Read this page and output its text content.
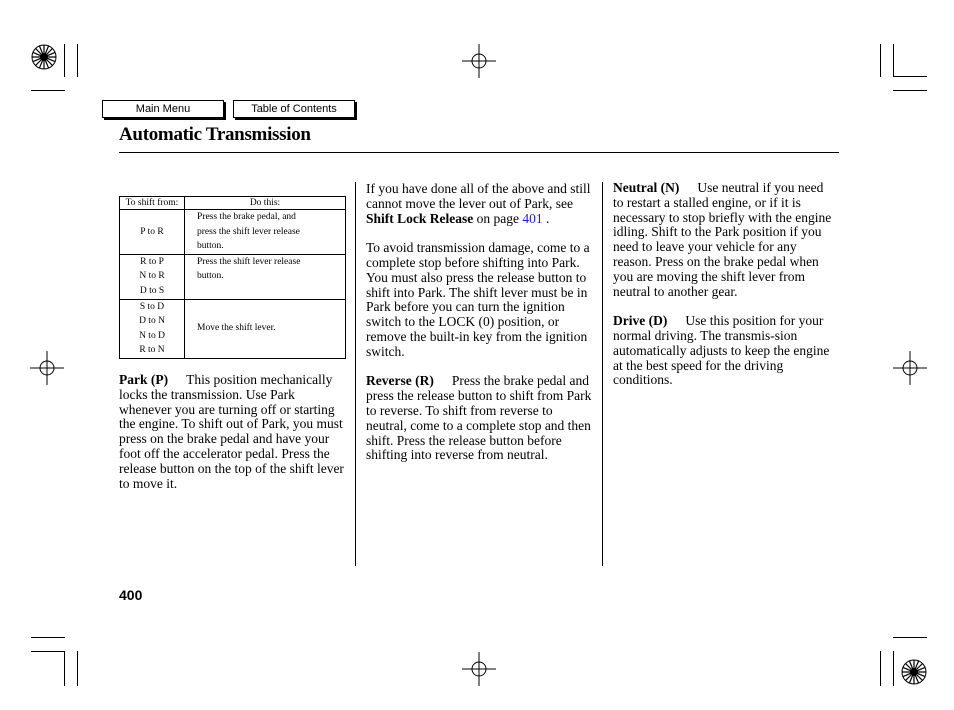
Main Menu	Table of Contents
Automatic Transmission
To shift from:	Do this:

P to R	Press the brake pedal, and
press the shift lever release
button.

R to P
N to R
D to S	Press the shift lever release
button.

S to D
D to N
N to D
R to N	Move the shift lever.
Park (P) This position mechanically locks the transmission. Use Park whenever you are turning off or starting the engine. To shift out of Park, you must press on the brake pedal and have your foot off the accelerator pedal. Press the release button on the top of the shift lever to move it.

If you have done all of the above and still cannot move the lever out of Park, see Shift Lock Release on page 401 .

To avoid transmission damage, come to a complete stop before shifting into Park. You must also press the release button to shift into Park. The shift lever must be in Park before you can turn the ignition switch to the LOCK (0) position, or remove the built-in key from the ignition switch.

Reverse (R) Press the brake pedal and press the release button to shift from Park to reverse. To shift from reverse to neutral, come to a complete stop and then shift. Press the release button before shifting into reverse from neutral.

Neutral (N) Use neutral if you need to restart a stalled engine, or if it is necessary to stop briefly with the engine idling. Shift to the Park position if you need to leave your vehicle for any reason. Press on the brake pedal when you are moving the shift lever from neutral to another gear.

Drive (D) Use this position for your normal driving. The transmis-sion automatically adjusts to keep the engine at the best speed for the driving conditions.

400
